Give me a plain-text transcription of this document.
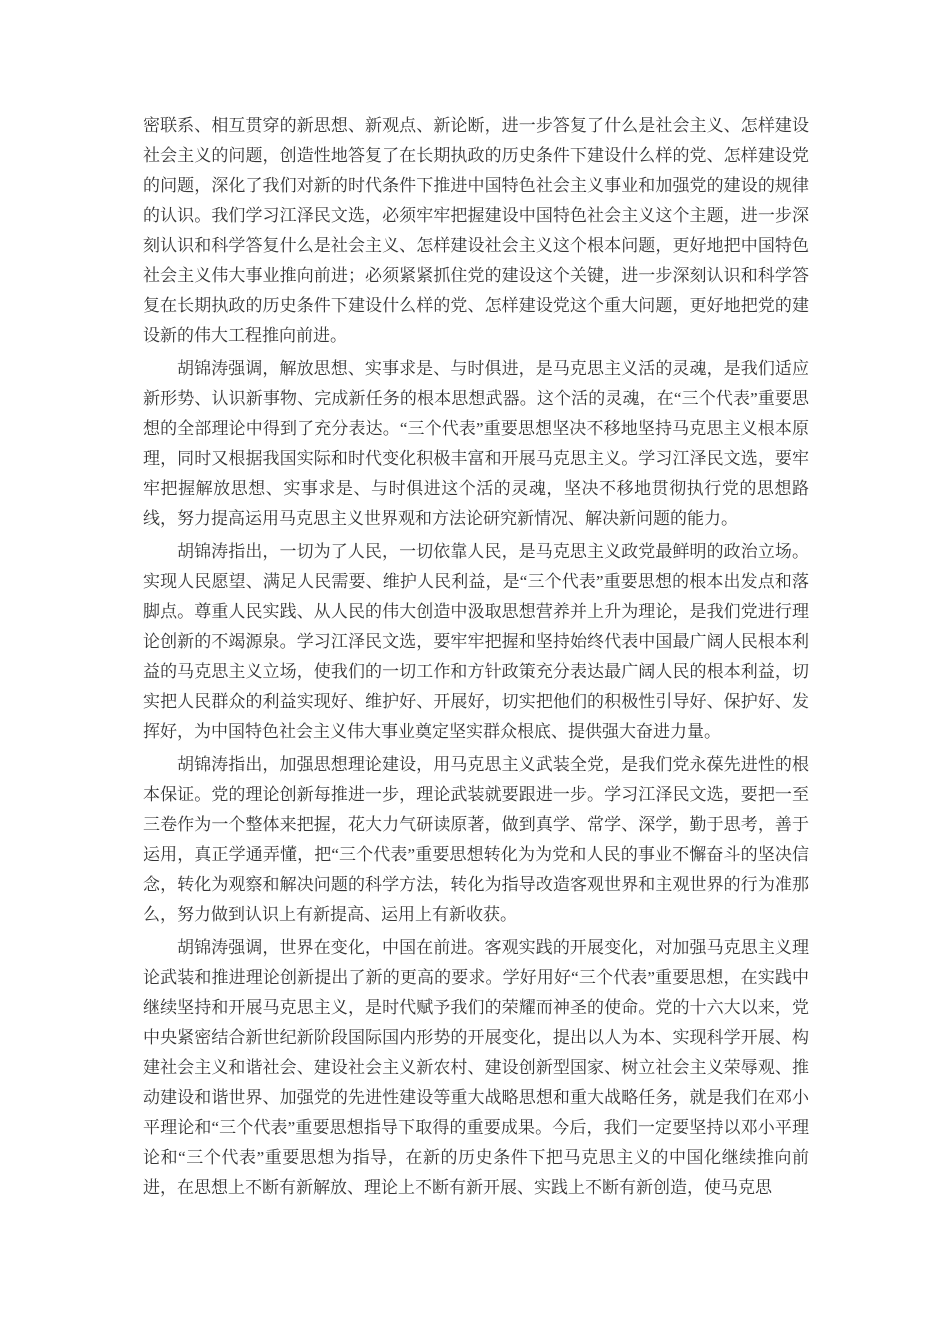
密联系、相互贯穿的新思想、新观点、新论断，进一步答复了什么是社会主义、怎样建设社会主义的问题，创造性地答复了在长期执政的历史条件下建设什么样的党、怎样建设党的问题，深化了我们对新的时代条件下推进中国特色社会主义事业和加强党的建设的规律的认识。我们学习江泽民文选，必须牢牢把握建设中国特色社会主义这个主题，进一步深刻认识和科学答复什么是社会主义、怎样建设社会主义这个根本问题，更好地把中国特色社会主义伟大事业推向前进；必须紧紧抓住党的建设这个关键，进一步深刻认识和科学答复在长期执政的历史条件下建设什么样的党、怎样建设党这个重大问题，更好地把党的建设新的伟大工程推向前进。

胡锦涛强调，解放思想、实事求是、与时俱进，是马克思主义活的灵魂，是我们适应新形势、认识新事物、完成新任务的根本思想武器。这个活的灵魂，在“三个代表”重要思想的全部理论中得到了充分表达。“三个代表”重要思想坚决不移地坚持马克思主义根本原理，同时又根据我国实际和时代变化积极丰富和开展马克思主义。学习江泽民文选，要牢牢把握解放思想、实事求是、与时俱进这个活的灵魂，坚决不移地贯彻执行党的思想路线，努力提高运用马克思主义世界观和方法论研究新情况、解决新问题的能力。

胡锦涛指出，一切为了人民，一切依靠人民，是马克思主义政党最鲜明的政治立场。实现人民愿望、满足人民需要、维护人民利益，是“三个代表”重要思想的根本出发点和落脚点。尊重人民实践、从人民的伟大创造中汲取思想营养并上升为理论，是我们党进行理论创新的不竭源泉。学习江泽民文选，要牢牢把握和坚持始终代表中国最广阔人民根本利益的马克思主义立场，使我们的一切工作和方针政策充分表达最广阔人民的根本利益，切实把人民群众的利益实现好、维护好、开展好，切实把他们的积极性引导好、保护好、发挥好，为中国特色社会主义伟大事业奠定坚实群众根底、提供强大奋进力量。

胡锦涛指出，加强思想理论建设，用马克思主义武装全党，是我们党永葆先进性的根本保证。党的理论创新每推进一步，理论武装就要跟进一步。学习江泽民文选，要把一至三卷作为一个整体来把握，花大力气研读原著，做到真学、常学、深学，勤于思考，善于运用，真正学通弄懂，把“三个代表”重要思想转化为为党和人民的事业不懈奋斗的坚决信念，转化为观察和解决问题的科学方法，转化为指导改造客观世界和主观世界的行为准那么，努力做到认识上有新提高、运用上有新收获。

胡锦涛强调，世界在变化，中国在前进。客观实践的开展变化，对加强马克思主义理论武装和推进理论创新提出了新的更高的要求。学好用好“三个代表”重要思想，在实践中继续坚持和开展马克思主义，是时代赋予我们的荣耀而神圣的使命。党的十六大以来，党中央紧密结合新世纪新阶段国际国内形势的开展变化，提出以人为本、实现科学开展、构建社会主义和谐社会、建设社会主义新农村、建设创新型国家、树立社会主义荣辱观、推动建设和谐世界、加强党的先进性建设等重大战略思想和重大战略任务，就是我们在邓小平理论和“三个代表”重要思想指导下取得的重要成果。今后，我们一定要坚持以邓小平理论和“三个代表”重要思想为指导，在新的历史条件下把马克思主义的中国化继续推向前进，在思想上不断有新解放、理论上不断有新开展、实践上不断有新创造，使马克思
